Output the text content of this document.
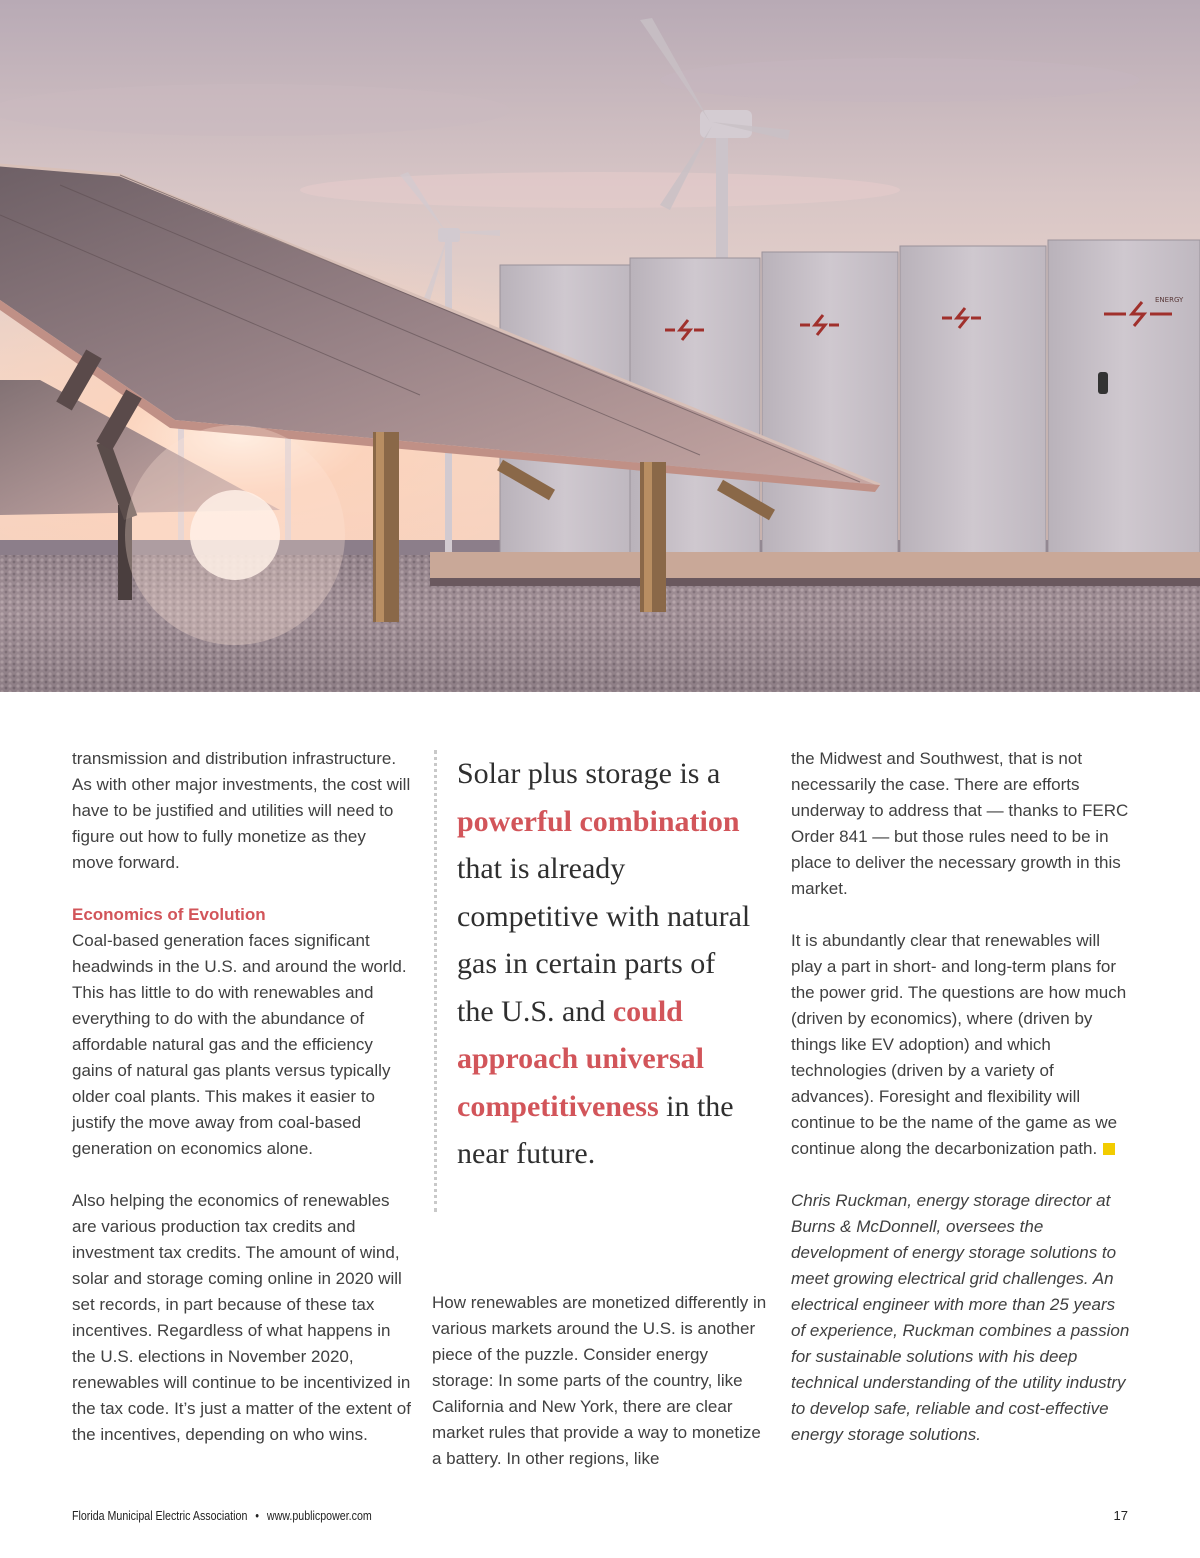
ENERGY

transmission and distribution infrastructure. As with other major investments, the cost will have to be justified and utilities will need to figure out how to fully monetize as they move forward.

Economics of Evolution

Coal-based generation faces significant headwinds in the U.S. and around the world. This has little to do with renewables and everything to do with the abundance of affordable natural gas and the efficiency gains of natural gas plants versus typically older coal plants. This makes it easier to justify the move away from coal-based generation on economics alone.

Also helping the economics of renewables are various production tax credits and investment tax credits. The amount of wind, solar and storage coming online in 2020 will set records, in part because of these tax incentives. Regardless of what happens in the U.S. elections in November 2020, renewables will continue to be incentivized in the tax code. It’s just a matter of the extent of the incentives, depending on who wins.

Solar plus storage is a powerful combination that is already competitive with natural gas in certain parts of the U.S. and could approach universal competitiveness in the near future.

How renewables are monetized differently in various markets around the U.S. is another piece of the puzzle. Consider energy storage: In some parts of the country, like California and New York, there are clear market rules that provide a way to monetize a battery. In other regions, like

the Midwest and Southwest, that is not necessarily the case. There are efforts underway to address that — thanks to FERC Order 841 — but those rules need to be in place to deliver the necessary growth in this market.

It is abundantly clear that renewables will play a part in short- and long-term plans for the power grid. The questions are how much (driven by economics), where (driven by things like EV adoption) and which technologies (driven by a variety of advances). Foresight and flexibility will continue to be the name of the game as we continue along the decarbonization path.

Chris Ruckman, energy storage director at Burns & McDonnell, oversees the development of energy storage solutions to meet growing electrical grid challenges. An electrical engineer with more than 25 years of experience, Ruckman combines a passion for sustainable solutions with his deep technical understanding of the utility industry to develop safe, reliable and cost-effective energy storage solutions.

Florida Municipal Electric Association • www.publicpower.com	17
